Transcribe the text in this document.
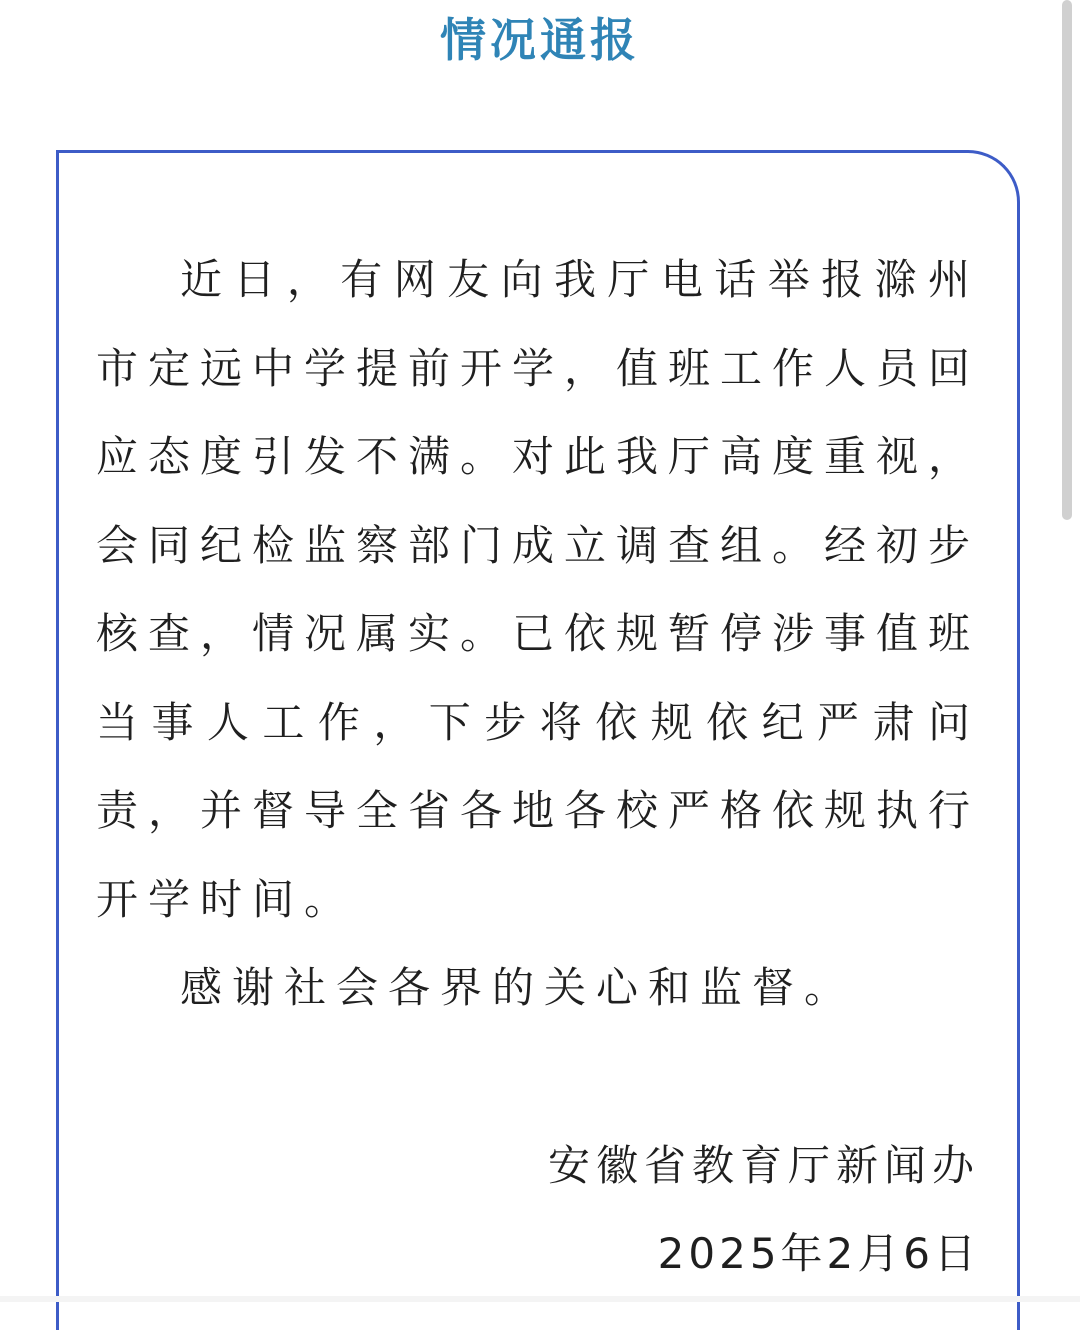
情况通报

近日，有网友向我厅电话举报滁州市定远中学提前开学，值班工作人员回应态度引发不满。对此我厅高度重视，会同纪检监察部门成立调查组。经初步核查，情况属实。已依规暂停涉事值班当事人工作，下步将依规依纪严肃问责，并督导全省各地各校严格依规执行开学时间。

感谢社会各界的关心和监督。

安徽省教育厅新闻办

2025年2月6日
